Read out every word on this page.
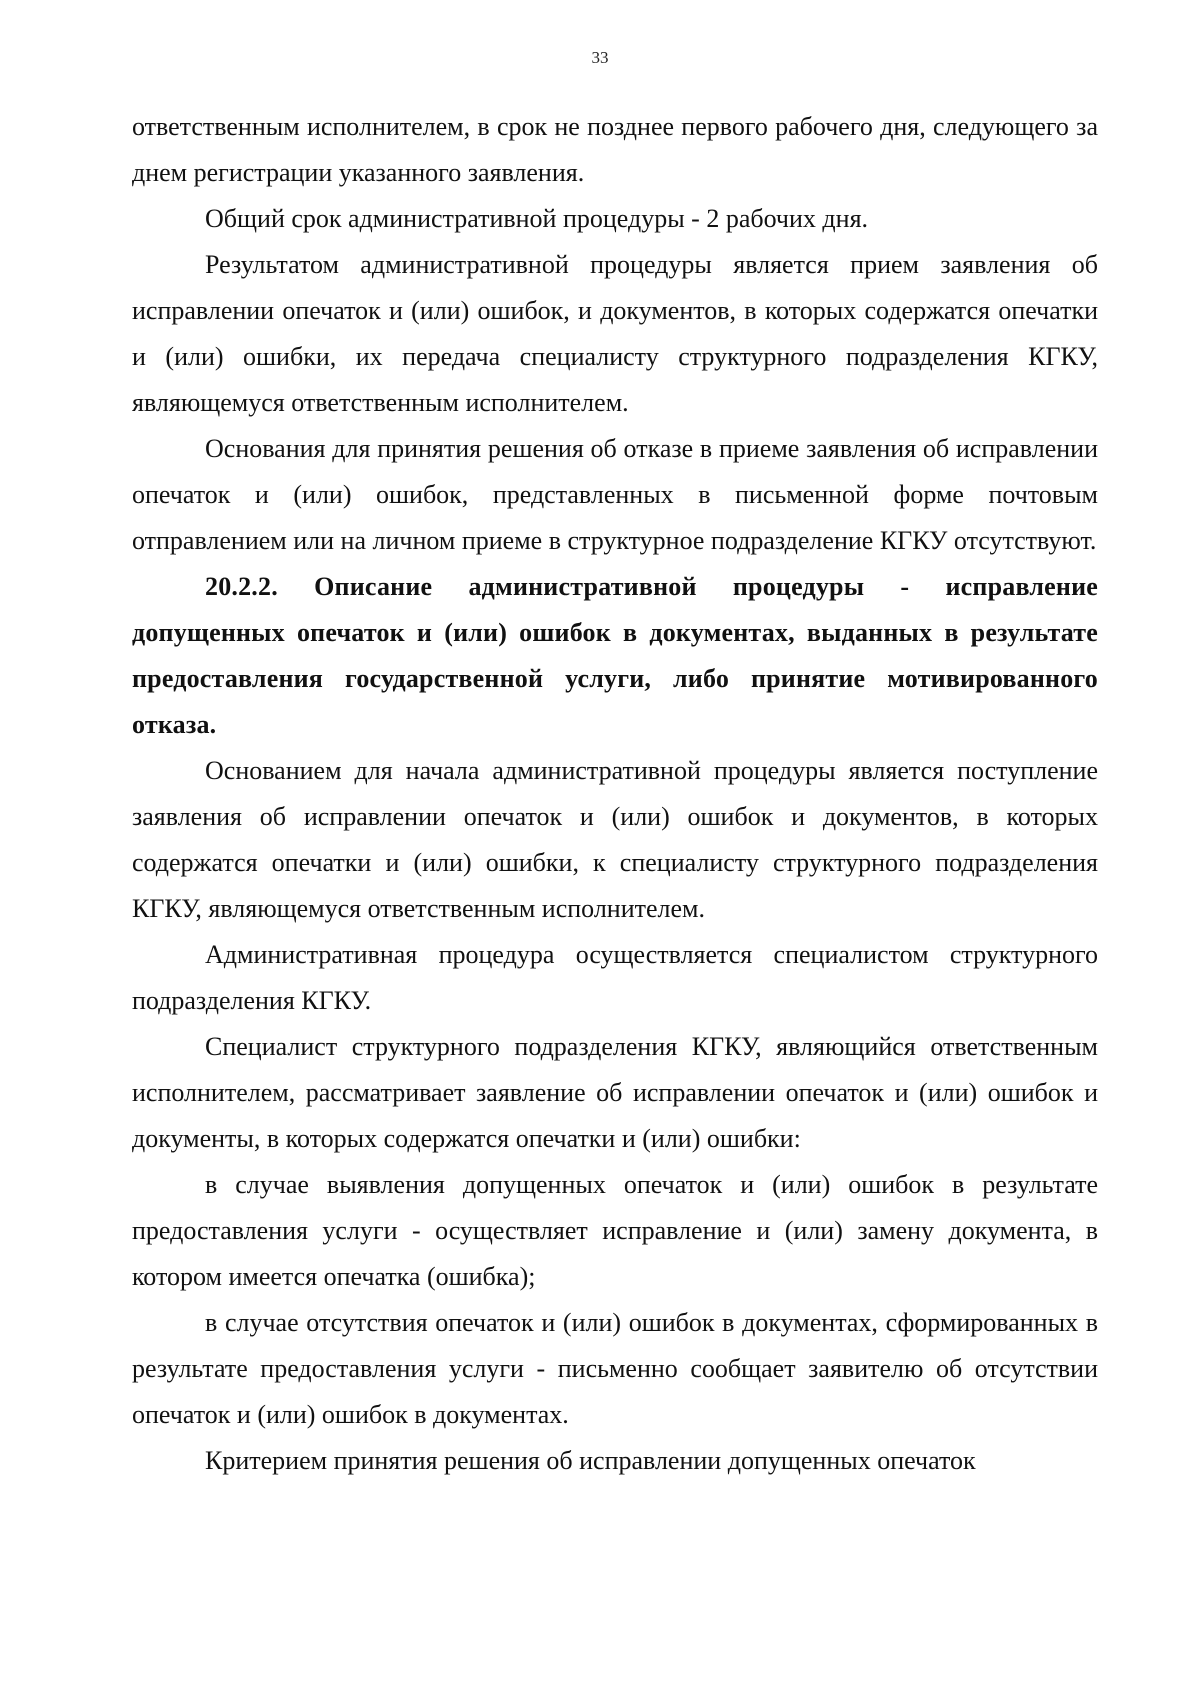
33

ответственным исполнителем, в срок не позднее первого рабочего дня, следующего за днем регистрации указанного заявления.

Общий срок административной процедуры - 2 рабочих дня.

Результатом административной процедуры является прием заявления об исправлении опечаток и (или) ошибок, и документов, в которых содержатся опечатки и (или) ошибки, их передача специалисту структурного подразделения КГКУ, являющемуся ответственным исполнителем.

Основания для принятия решения об отказе в приеме заявления об исправлении опечаток и (или) ошибок, представленных в письменной форме почтовым отправлением или на личном приеме в структурное подразделение КГКУ отсутствуют.

20.2.2. Описание административной процедуры - исправление допущенных опечаток и (или) ошибок в документах, выданных в результате предоставления государственной услуги, либо принятие мотивированного отказа.

Основанием для начала административной процедуры является поступление заявления об исправлении опечаток и (или) ошибок и документов, в которых содержатся опечатки и (или) ошибки, к специалисту структурного подразделения КГКУ, являющемуся ответственным исполнителем.

Административная процедура осуществляется специалистом структурного подразделения КГКУ.

Специалист структурного подразделения КГКУ, являющийся ответственным исполнителем, рассматривает заявление об исправлении опечаток и (или) ошибок и документы, в которых содержатся опечатки и (или) ошибки:

в случае выявления допущенных опечаток и (или) ошибок в результате предоставления услуги - осуществляет исправление и (или) замену документа, в котором имеется опечатка (ошибка);

в случае отсутствия опечаток и (или) ошибок в документах, сформированных в результате предоставления услуги - письменно сообщает заявителю об отсутствии опечаток и (или) ошибок в документах.

Критерием принятия решения об исправлении допущенных опечаток
